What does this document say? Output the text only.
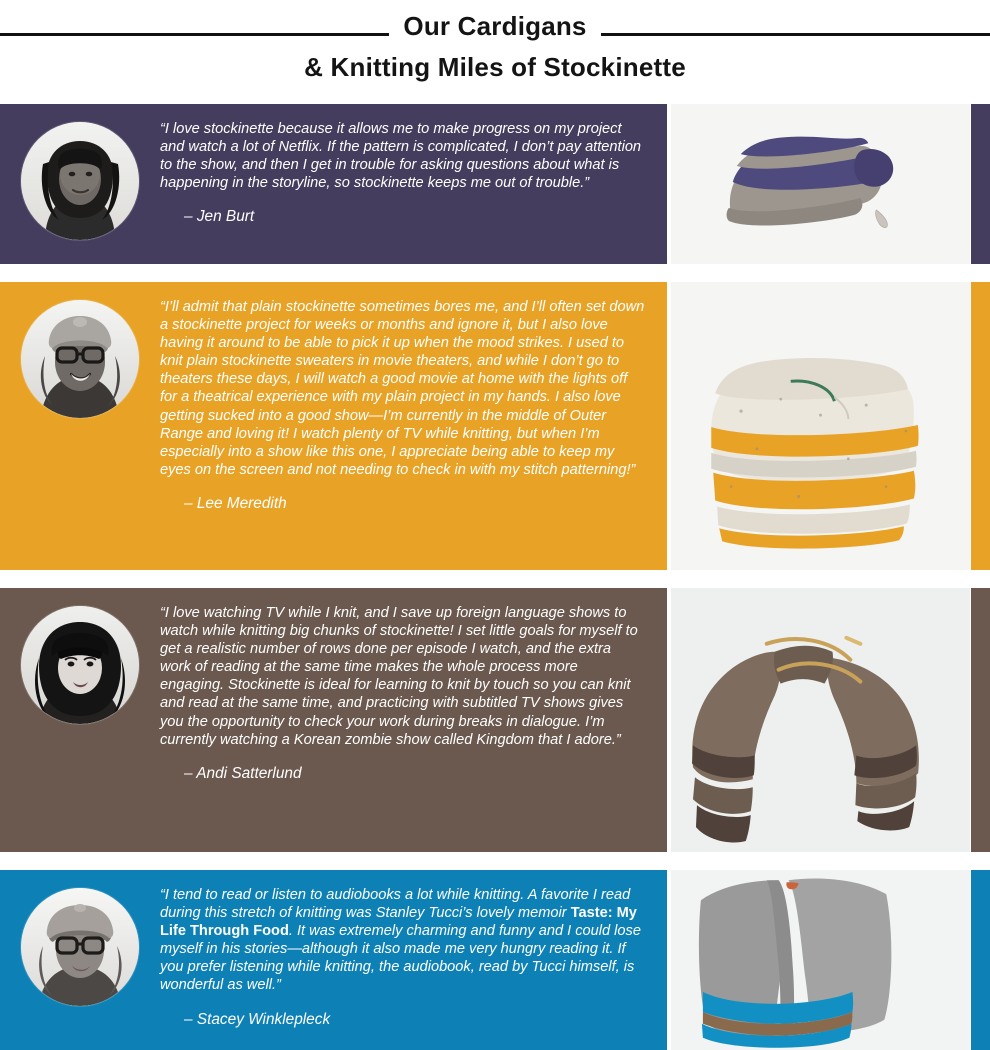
Our Cardigans
& Knitting Miles of Stockinette

“I love stockinette because it allows me to make progress on my project and watch a lot of Netflix. If the pattern is complicated, I don’t pay attention to the show, and then I get in trouble for asking questions about what is happening in the storyline, so stockinette keeps me out of trouble.”

– Jen Burt

“I’ll admit that plain stockinette sometimes bores me, and I’ll often set down a stockinette project for weeks or months and ignore it, but I also love having it around to be able to pick it up when the mood strikes. I used to knit plain stockinette sweaters in movie theaters, and while I don’t go to theaters these days, I will watch a good movie at home with the lights off for a theatrical experience with my plain project in my hands. I also love getting sucked into a good show—I’m currently in the middle of Outer Range and loving it! I watch plenty of TV while knitting, but when I’m especially into a show like this one, I appreciate being able to keep my eyes on the screen and not needing to check in with my stitch patterning!”

– Lee Meredith

“I love watching TV while I knit, and I save up foreign language shows to watch while knitting big chunks of stockinette! I set little goals for myself to get a realistic number of rows done per episode I watch, and the extra work of reading at the same time makes the whole process more engaging. Stockinette is ideal for learning to knit by touch so you can knit and read at the same time, and practicing with subtitled TV shows gives you the opportunity to check your work during breaks in dialogue. I’m currently watching a Korean zombie show called Kingdom that I adore.”

– Andi Satterlund

“I tend to read or listen to audiobooks a lot while knitting. A favorite I read during this stretch of knitting was Stanley Tucci’s lovely memoir Taste: My Life Through Food. It was extremely charming and funny and I could lose myself in his stories—although it also made me very hungry reading it. If you prefer listening while knitting, the audiobook, read by Tucci himself, is wonderful as well.”

– Stacey Winklepleck
